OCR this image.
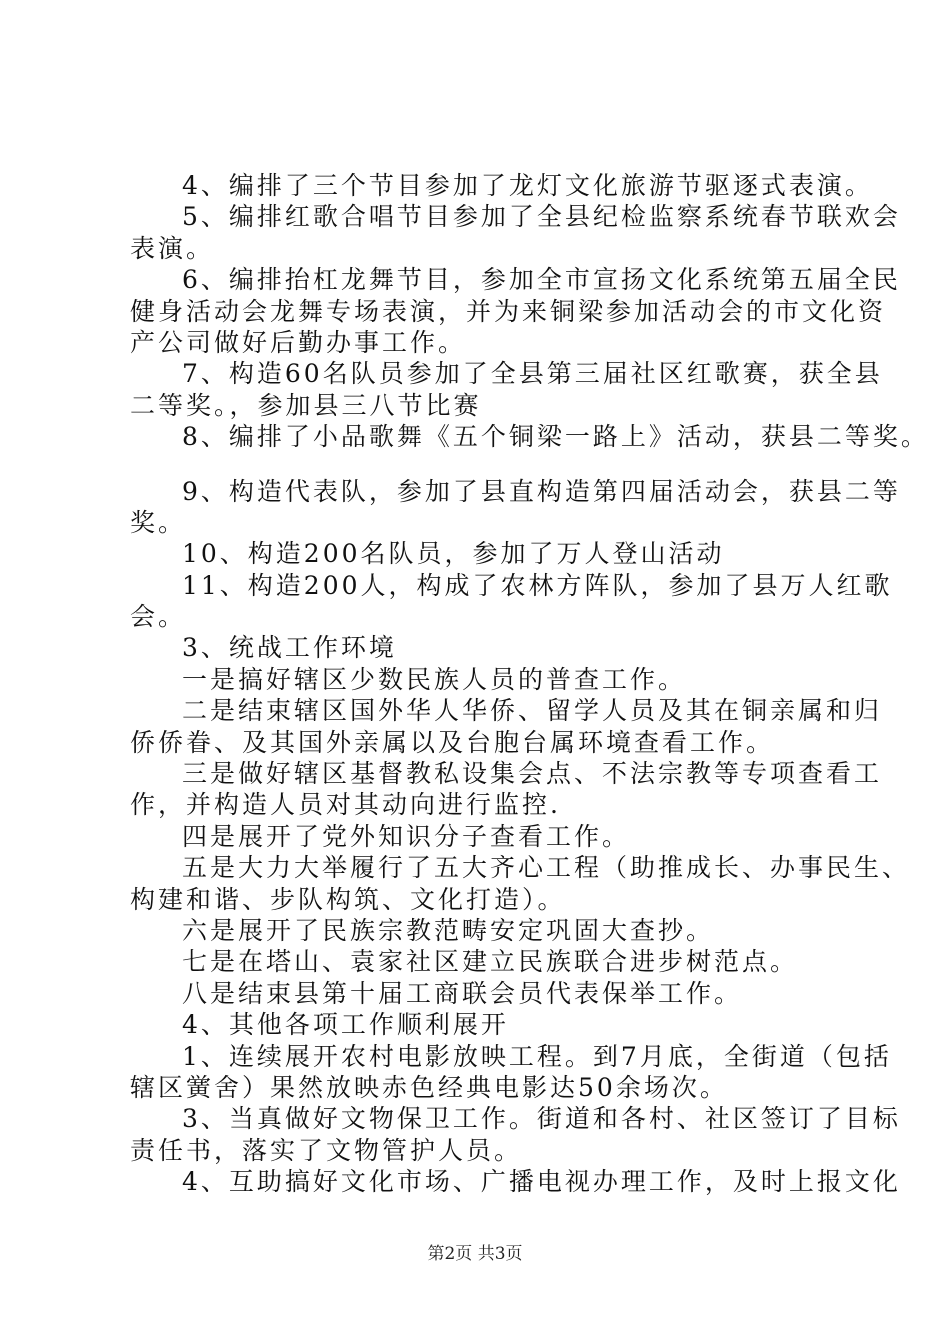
4、编排了三个节目参加了龙灯文化旅游节驱逐式表演。
5、编排红歌合唱节目参加了全县纪检监察系统春节联欢会
表演。
6、编排抬杠龙舞节目，参加全市宣扬文化系统第五届全民
健身活动会龙舞专场表演，并为来铜梁参加活动会的市文化资
产公司做好后勤办事工作。
7、构造60名队员参加了全县第三届社区红歌赛，获全县
二等奖。，参加县三八节比赛
8、编排了小品歌舞《五个铜梁一路上》活动，获县二等奖。
9、构造代表队，参加了县直构造第四届活动会，获县二等
奖。
10、构造200名队员，参加了万人登山活动
11、构造200人，构成了农林方阵队，参加了县万人红歌
会。
3、统战工作环境
一是搞好辖区少数民族人员的普查工作。
二是结束辖区国外华人华侨、留学人员及其在铜亲属和归
侨侨眷、及其国外亲属以及台胞台属环境查看工作。
三是做好辖区基督教私设集会点、不法宗教等专项查看工
作，并构造人员对其动向进行监控.
四是展开了党外知识分子查看工作。
五是大力大举履行了五大齐心工程（助推成长、办事民生、
构建和谐、步队构筑、文化打造）。
六是展开了民族宗教范畴安定巩固大查抄。
七是在塔山、袁家社区建立民族联合进步树范点。
八是结束县第十届工商联会员代表保举工作。
4、其他各项工作顺利展开
1、连续展开农村电影放映工程。到7月底，全街道（包括
辖区黉舍）果然放映赤色经典电影达50余场次。
3、当真做好文物保卫工作。街道和各村、社区签订了目标
责任书，落实了文物管护人员。
4、互助搞好文化市场、广播电视办理工作，及时上报文化
第2页 共3页
